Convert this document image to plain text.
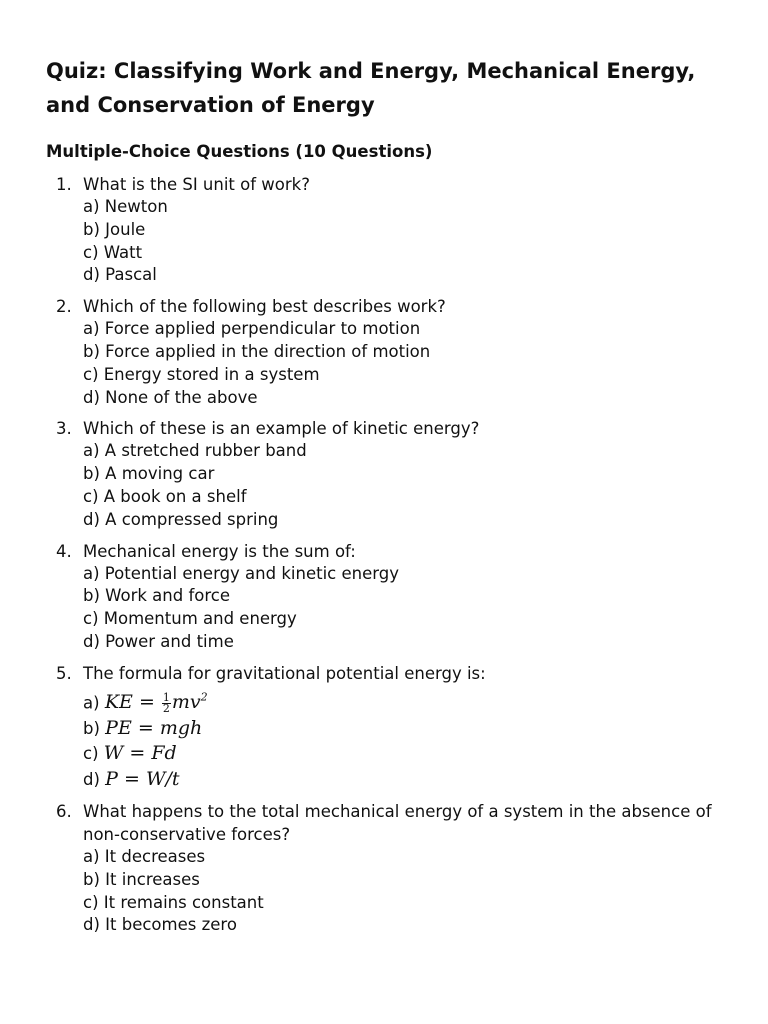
Quiz: Classifying Work and Energy, Mechanical Energy, and Conservation of Energy
Multiple-Choice Questions (10 Questions)
1. What is the SI unit of work?
a) Newton
b) Joule
c) Watt
d) Pascal
2. Which of the following best describes work?
a) Force applied perpendicular to motion
b) Force applied in the direction of motion
c) Energy stored in a system
d) None of the above
3. Which of these is an example of kinetic energy?
a) A stretched rubber band
b) A moving car
c) A book on a shelf
d) A compressed spring
4. Mechanical energy is the sum of:
a) Potential energy and kinetic energy
b) Work and force
c) Momentum and energy
d) Power and time
5. The formula for gravitational potential energy is:
a) KE = $\frac{1}{2} mv^2$
b) PE = mgh
c) W = Fd
d) P = W/t
6. What happens to the total mechanical energy of a system in the absence of non-conservative forces?
a) It decreases
b) It increases
c) It remains constant
d) It becomes zero
